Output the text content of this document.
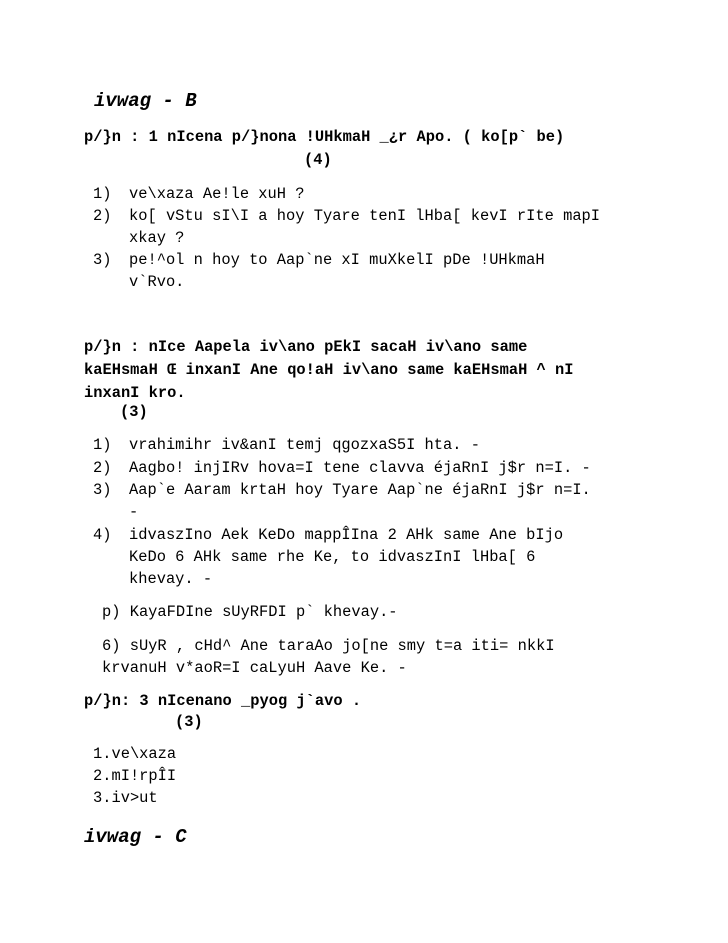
ivwag - B
p/}n : 1 nIcena p/}nona !UHkmaH _¿r Apo. ( ko[p` be)
(4)
1) ve\xaza Ae!le xuH ?
2) ko[ vStu sI\I a hoy Tyare tenI lHba[ kevI rIte mapI
xkay ?
3) pe!^ol n hoy to Aap`ne xI muXkelI pDe !UHkmaH
v`Rvo.
p/}n : nIce Aapela iv\ano pEkI sacaH iv\ano same
kaEHsmaH Œ inxanI Ane qo!aH iv\ano same kaEHsmaH ^ nI
inxanI kro.
(3)
1) vrahimihr iv&anI temj qgozxaS5I hta. -
2) Aagbo! injIRv hova=I tene clavva éjaRnI j$r n=I. -
3) Aap`e Aaram krtaH hoy Tyare Aap`ne éjaRnI j$r n=I.
-
4) idvaszIno Aek KeDo mappÎIna 2 AHk same Ane bIjo
KeDo 6 AHk same rhe Ke, to idvaszInI lHba[ 6
khevay. -
p) KayaFDIne sUyRFDI p` khevay.-
6) sUyR , cHd^ Ane taraAo jo[ne smy t=a iti= nkkI
krvanuH v*aoR=I caLyuH Aave Ke. -
p/}n: 3 nIcenano _pyog j`avo .
(3)
1.ve\xaza
2.mI!rpÎI
3.iv>ut
ivwag - C
